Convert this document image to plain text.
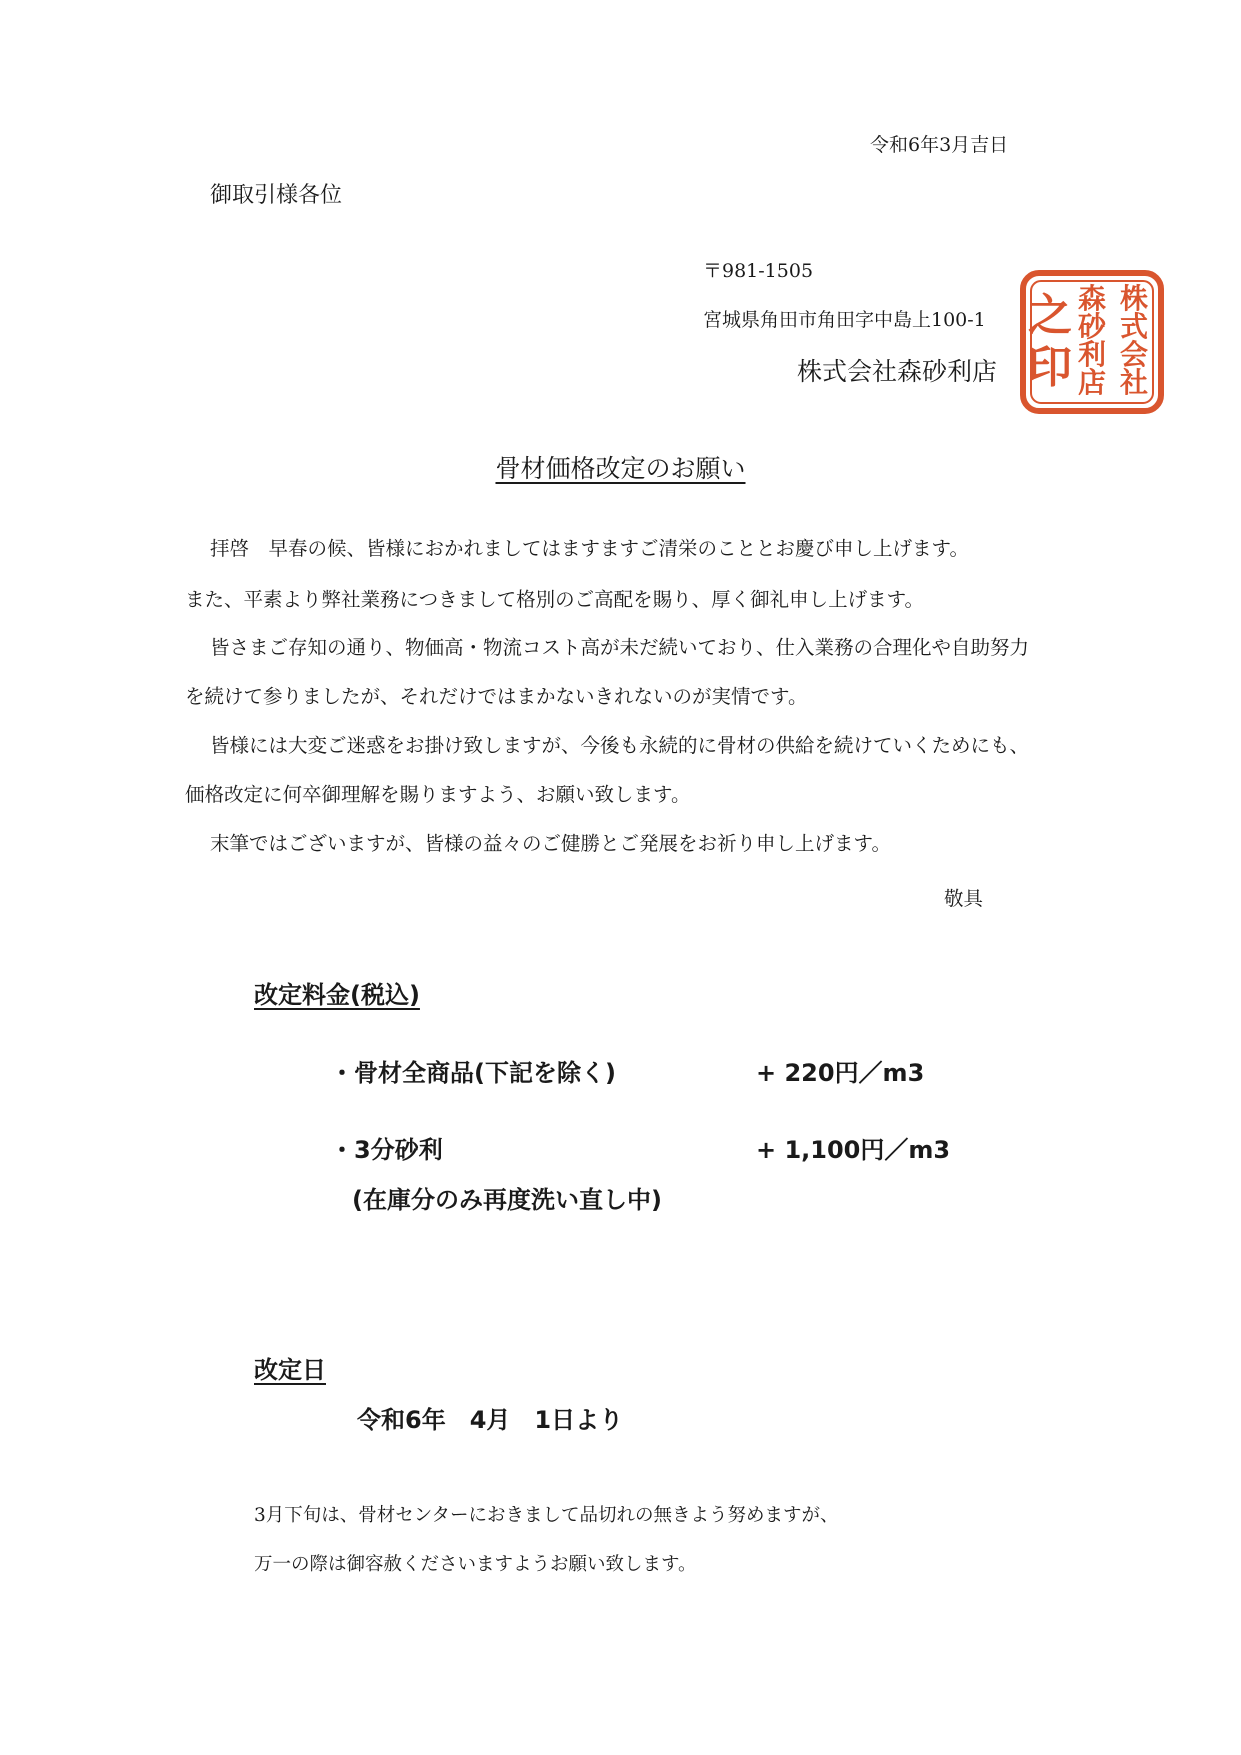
令和6年3月吉日
御取引様各位
〒981-1505
宮城県角田市角田字中島上100-1
株式会社森砂利店
株
式
会
社
森
砂
利
店
之
印
骨材価格改定のお願い
拝啓　早春の候、皆様におかれましてはますますご清栄のこととお慶び申し上げます。
また、平素より弊社業務につきまして格別のご高配を賜り、厚く御礼申し上げます。
皆さまご存知の通り、物価高・物流コスト高が未だ続いており、仕入業務の合理化や自助努力
を続けて参りましたが、それだけではまかないきれないのが実情です。
皆様には大変ご迷惑をお掛け致しますが、今後も永続的に骨材の供給を続けていくためにも、
価格改定に何卒御理解を賜りますよう、お願い致します。
末筆ではございますが、皆様の益々のご健勝とご発展をお祈り申し上げます。
敬具
改定料金(税込)
・骨材全商品(下記を除く)	+ 220円／m3
・3分砂利	+ 1,100円／m3
(在庫分のみ再度洗い直し中)
改定日
令和6年　4月　1日より
3月下旬は、骨材センターにおきまして品切れの無きよう努めますが、
万一の際は御容赦くださいますようお願い致します。
